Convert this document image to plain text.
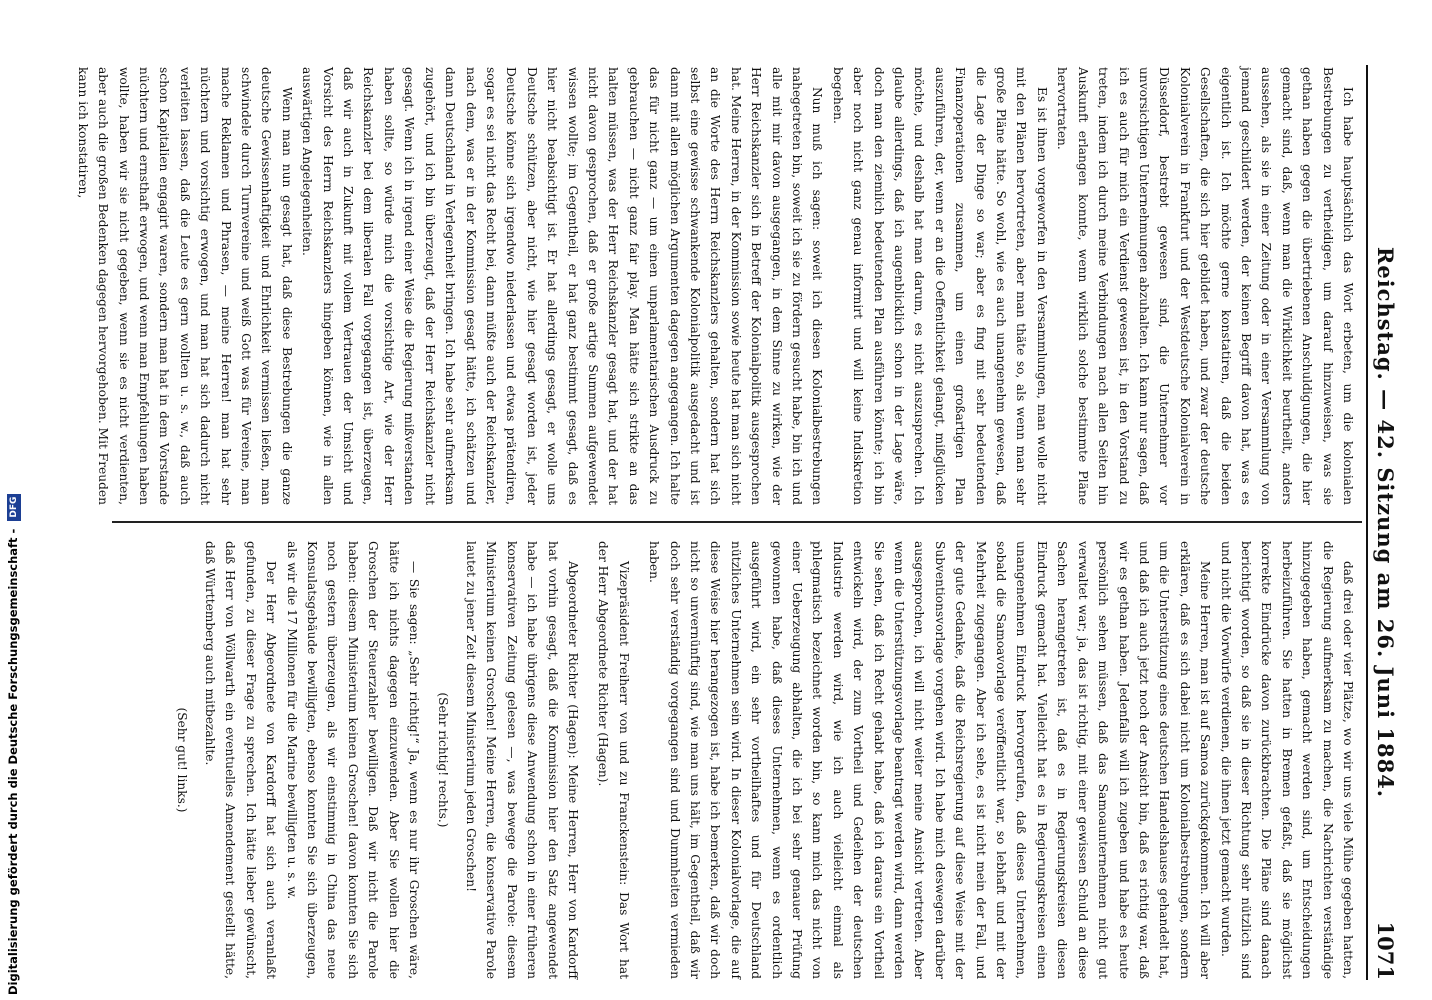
Reichstag. — 42. Sitzung am 26. Juni 1884.
1071

Ich habe hauptsächlich das Wort erbeten, um die kolonialen Bestrebungen zu vertheidigen, um darauf hinzuweisen, was sie gethan haben gegen die übertriebenen Anschuldigungen, die hier gemacht sind, daß, wenn man die Wirklichkeit beurtheilt, anders aussehen, als sie in einer Zeitung oder in einer Versammlung von jemand geschildert werden, der keinen Begriff davon hat, was es eigentlich ist. Ich möchte gerne konstatiren, daß die beiden Gesellschaften, die sich hier gebildet haben, und zwar der deutsche Kolonialverein in Frankfurt und der Westdeutsche Kolonialverein in Düsseldorf, bestrebt gewesen sind, die Unternehmer vor unvorsichtigen Unternehmungen abzuhalten. Ich kann nur sagen, daß ich es auch für mich ein Verdienst gewesen ist, in den Vorstand zu treten, indem ich durch meine Verbindungen nach allen Seiten hin Auskunft erlangen konnte, wenn wirklich solche bestimmte Pläne hervortraten.

Es ist ihnen vorgeworfen in den Versammlungen, man wolle nicht mit den Plänen hervortreten, aber man thäte so, als wenn man sehr große Pläne hätte. So wohl, wie es auch unangenehm gewesen, daß die Lage der Dinge so war; aber es fing mit sehr bedeutenden Finanzoperationen zusammen, um einen großartigen Plan auszuführen, der, wenn er an die Oeffentlichkeit gelangt, mißglücken möchte, und deshalb hat man darum, es nicht auszusprechen. Ich glaube allerdings, daß ich augenblicklich schon in der Lage wäre, doch man den ziemlich bedeutenden Plan ausführen könnte; ich bin aber noch nicht ganz genau informirt und will keine Indiskretion begehen.

Nun muß ich sagen: soweit ich diesen Kolonialbestrebungen nahegetreten bin, soweit ich sie zu fördern gesucht habe, bin ich und alle mit mir davon ausgegangen, in dem Sinne zu wirken, wie der Herr Reichskanzler sich in Betreff der Kolonialpolitik ausgesprochen hat. Meine Herren, in der Kommission sowie heute hat man sich nicht an die Worte des Herrn Reichskanzlers gehalten, sondern hat sich selbst eine gewisse schwankende Kolonialpolitik ausgedacht und ist dann mit allen möglichen Argumenten dagegen angegangen. Ich halte das für nicht ganz — um einen unparlamentarischen Ausdruck zu gebrauchen — nicht ganz fair play. Man hätte sich strikte an das halten müssen, was der Herr Reichskanzler gesagt hat, und der hat nicht davon gesprochen, daß er große artige Summen aufgewendet wissen wollte; im Gegentheil, er hat ganz bestimmt gesagt, daß es hier nicht beabsichtigt ist. Er hat allerdings gesagt, er wolle uns Deutsche schützen, aber nicht, wie hier gesagt worden ist, jeder Deutsche könne sich irgendwo niederlassen und etwas prätendiren, sogar es sei nicht das Recht bei, dann müßte auch der Reichskanzler, nach dem, was er in der Kommission gesagt hätte, ich schätzen und dann Deutschland in Verlegenheit bringen. Ich habe sehr aufmerksam zugehört, und ich bin überzeugt, daß der Herr Reichskanzler nicht gesagt. Wenn ich in irgend einer Weise die Regierung mißverstanden haben sollte, so würde mich die vorsichtige Art, wie der Herr Reichskanzler bei dem liberalen Fall vorgegangen ist, überzeugen, daß wir auch in Zukunft mit vollem Vertrauen der Umsicht und Vorsicht des Herrn Reichskanzlers hingeben können, wie in allen auswärtigen Angelegenheiten.

Wenn man nun gesagt hat, daß diese Bestrebungen die ganze deutsche Gewissenhaftigkeit und Ehrlichkeit vermissen ließen, man schwindele durch Turnvereine und weiß Gott was für Vereine, man mache Reklamen und Phrasen, — meine Herren! man hat sehr nüchtern und vorsichtig erwogen, und man hat sich dadurch nicht verleiten lassen, daß die Leute es gern wollten u. s. w., daß auch schon Kapitalien engagirt waren, sondern man hat in dem Vorstande nüchtern und ernsthaft erwogen, und wenn man Empfehlungen haben wollte, haben wir sie nicht gegeben, wenn sie es nicht verdienten, aber auch die großen Bedenken dagegen hervorgehoben. Mit Freuden kann ich konstatiren,

daß drei oder vier Plätze, wo wir uns viele Mühe gegeben hatten, die Regierung aufmerksam zu machen, die Nachrichten verständige hinzugegeben haben, gemacht werden sind, um Entscheidungen herbeizuführen. Sie hatten in Bremen gefaßt, daß sie möglichst korrekte Eindrücke davon zurückbrachten. Die Pläne sind danach berichtigt worden, so daß sie in dieser Richtung sehr nützlich sind und nicht die Vorwürfe verdienen, die ihnen jetzt gemacht wurden.

Meine Herren, man ist auf Samoa zurückgekommen. Ich will aber erklären, daß es sich dabei nicht um Kolonialbestrebungen, sondern um die Unterstützung eines deutschen Handelshauses gehandelt hat, und daß ich auch jetzt noch der Ansicht bin, daß es richtig war, daß wir es gethan haben. Jedenfalls will ich zugeben und habe es heute persönlich sehen müssen, daß das Samoaunternehmen nicht gut verwaltet war; ja, das ist richtig, mit einer gewissen Schuld an diese Sachen herangetreten ist, daß es in Regierungskreisen diesen Eindruck gemacht hat. Vielleicht hat es in Regierungskreisen einen unangenehmen Eindruck hervorgerufen, daß dieses Unternehmen, sobald die Samoavorlage veröffentlicht war, so lebhaft und mit der Mehrheit zugegangen. Aber ich sehe, es ist nicht mein der Fall, und der gute Gedanke, daß die Reichsregierung auf diese Weise mit der Subventionsvorlage vorgehen wird. Ich habe mich deswegen darüber ausgesprochen, ich will nicht weiter meine Ansicht vertreten. Aber wenn die Unterstützungsvorlage beantragt werden wird, dann werden Sie sehen, daß ich Recht gehabt habe, daß ich daraus ein Vortheil entwickeln wird, der zum Vortheil und Gedeihen der deutschen Industrie werden wird, wie ich auch vielleicht einmal als phlegmatisch bezeichnet worden bin, so kann mich das nicht von einer Ueberzeugung abhalten, die ich bei sehr genauer Prüfung gewonnen habe, daß dieses Unternehmen, wenn es ordentlich ausgeführt wird, ein sehr vortheilhaftes und für Deutschland nützliches Unternehmen sein wird. In dieser Kolonialvorlage, die auf diese Weise hier herangezogen ist, habe ich bemerken, daß wir doch nicht so unvernünftig sind, wie man uns hält, im Gegentheil, daß wir doch sehr verständig vorgegangen sind und Dummheiten vermieden haben.

Vizepräsident Freiherr von und zu Franckenstein: Das Wort hat der Herr Abgeordnete Richter (Hagen).

Abgeordneter Richter (Hagen): Meine Herren, Herr von Kardorff hat vorhin gesagt, daß die Kommission hier den Satz angewendet habe — ich habe übrigens diese Anwendung schon in einer früheren konservativen Zeitung gelesen —, was bewege die Parole: diesem Ministerium keinen Groschen! Meine Herren, die konservative Parole lautet zu jener Zeit diesem Ministerium jeden Groschen!

(Sehr richtig! rechts.)

— Sie sagen: „Sehr richtig!“ Ja, wenn es nur ihr Groschen wäre, hätte ich nichts dagegen einzuwenden. Aber Sie wollen hier die Groschen der Steuerzahler bewilligen. Daß wir nicht die Parole haben: diesem Ministerium keinen Groschen! davon konnten Sie sich noch gestern überzeugen, als wir einstimmig in China das neue Konsulatsgebäude bewilligten, ebenso konnten Sie sich überzeugen, als wir die 17 Millionen für die Marine bewilligten u. s. w.

Der Herr Abgeordnete von Kardorff hat sich auch veranlaßt gefunden, zu dieser Frage zu sprechen. Ich hätte lieber gewünscht, daß Herr von Wöllwarth ein eventuelles Amendement gestellt hätte, daß Württemberg auch mitbezahlte.

(Sehr gut! links.)

Digitalisierung gefördert durch die Deutsche Forschungsgemeinschaft - DFG
